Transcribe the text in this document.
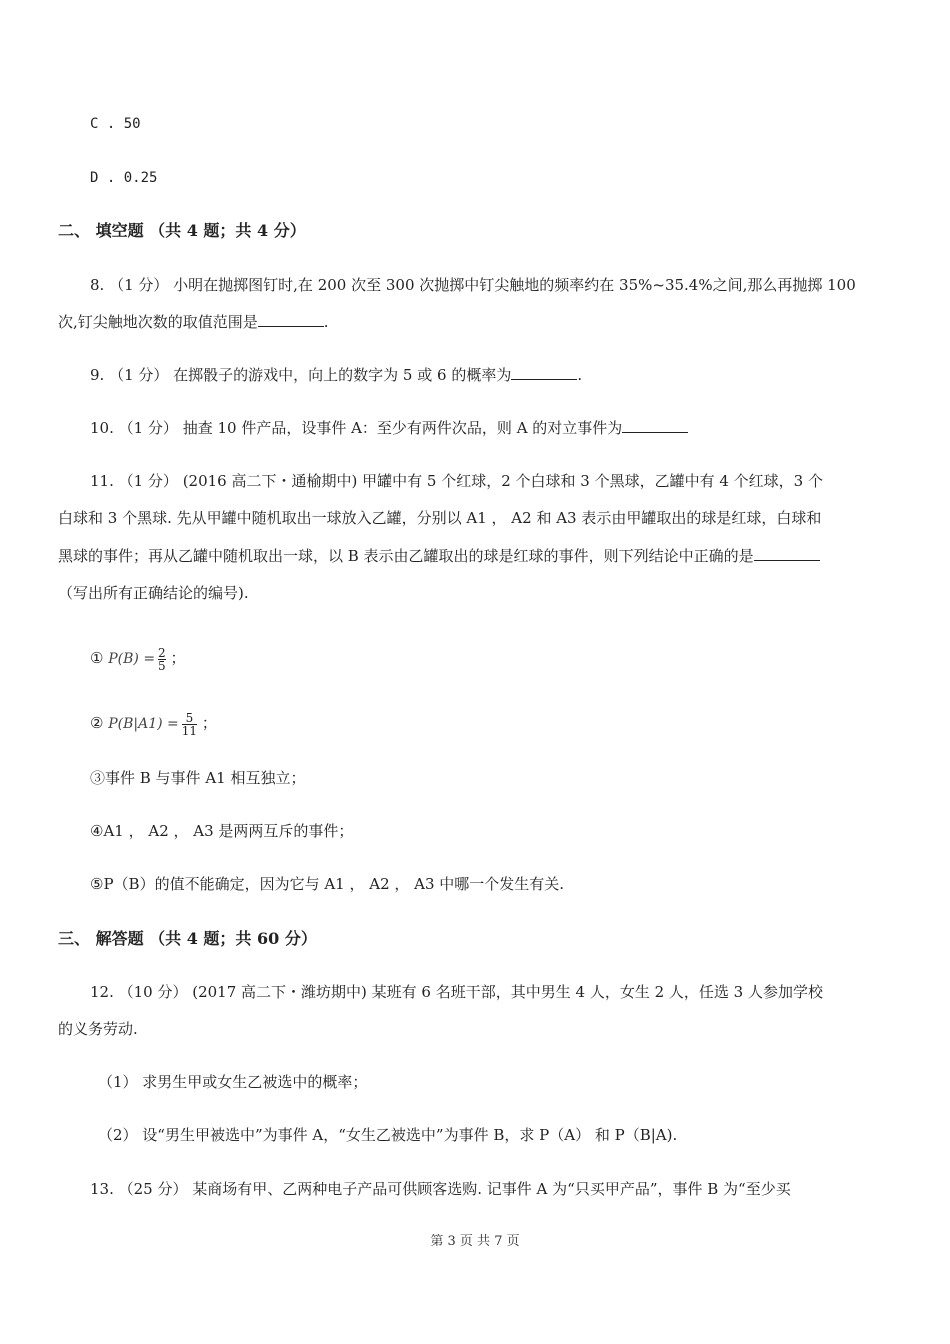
C . 50
D . 0.25
二、 填空题 （共 4 题；共 4 分）
8. （1 分） 小明在抛掷图钉时,在 200 次至 300 次抛掷中钉尖触地的频率约在 35%~35.4%之间,那么再抛掷 100
次,钉尖触地次数的取值范围是	.
9. （1 分） 在掷骰子的游戏中，向上的数字为 5 或 6 的概率为	.
10. （1 分） 抽查 10 件产品，设事件 A：至少有两件次品，则 A 的对立事件为
11. （1 分） (2016 高二下・通榆期中) 甲罐中有 5 个红球，2 个白球和 3 个黑球，乙罐中有 4 个红球，3 个
白球和 3 个黑球. 先从甲罐中随机取出一球放入乙罐，分别以 A1 ， A2 和 A3 表示由甲罐取出的球是红球，白球和
黑球的事件；再从乙罐中随机取出一球，以 B 表示由乙罐取出的球是红球的事件，则下列结论中正确的是
（写出所有正确结论的编号).
① $P(B) = \frac{2}{5}$ ；
② $P(B|A1) = \frac{5}{11}$ ；
③事件 B 与事件 A1 相互独立；
④A1 ， A2 ， A3 是两两互斥的事件；
⑤P（B）的值不能确定，因为它与 A1 ， A2 ， A3 中哪一个发生有关.
三、 解答题 （共 4 题；共 60 分）
12. （10 分） (2017 高二下・潍坊期中) 某班有 6 名班干部，其中男生 4 人，女生 2 人，任选 3 人参加学校
的义务劳动.
（1） 求男生甲或女生乙被选中的概率；
（2） 设“男生甲被选中”为事件 A，“女生乙被选中”为事件 B，求 P（A） 和 P（B|A).
13. （25 分） 某商场有甲、乙两种电子产品可供顾客选购. 记事件 A 为“只买甲产品”，事件 B 为“至少买
第 3 页 共 7 页
